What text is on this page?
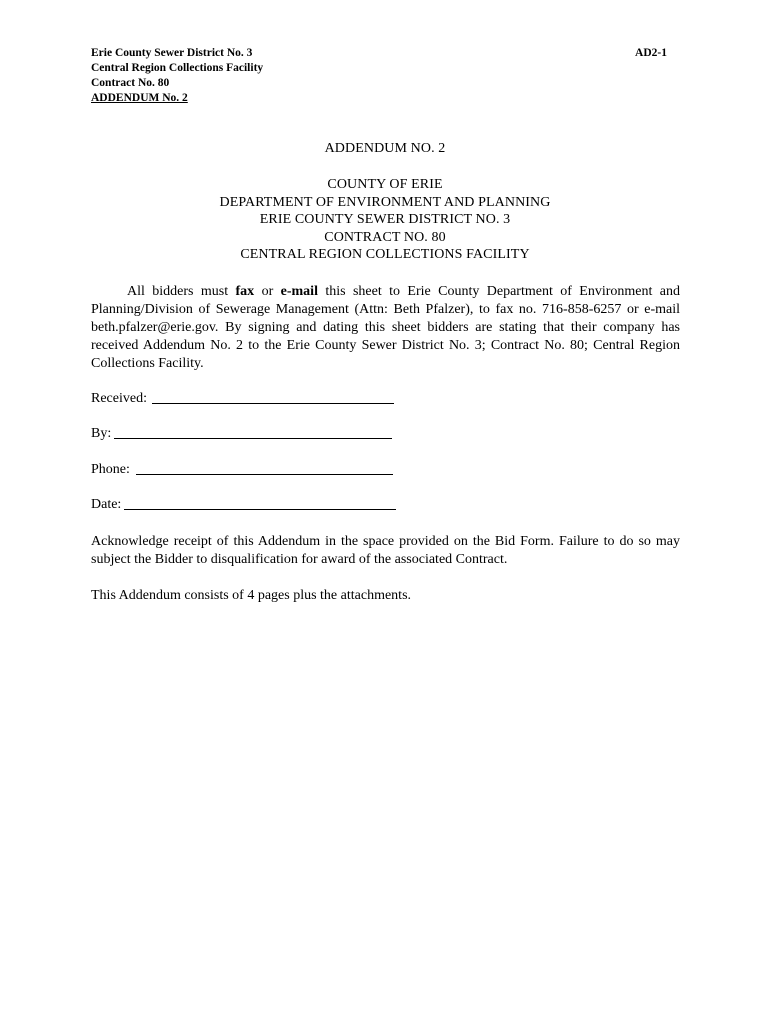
Erie County Sewer District No. 3
Central Region Collections Facility
Contract No. 80
ADDENDUM No. 2
AD2-1
ADDENDUM NO. 2
COUNTY OF ERIE
DEPARTMENT OF ENVIRONMENT AND PLANNING
ERIE COUNTY SEWER DISTRICT NO. 3
CONTRACT NO. 80
CENTRAL REGION COLLECTIONS FACILITY
All bidders must fax or e-mail this sheet to Erie County Department of Environment and Planning/Division of Sewerage Management (Attn: Beth Pfalzer), to fax no. 716-858-6257 or e-mail beth.pfalzer@erie.gov. By signing and dating this sheet bidders are stating that their company has received Addendum No. 2 to the Erie County Sewer District No. 3; Contract No. 80; Central Region Collections Facility.
Received:
By:
Phone:
Date:
Acknowledge receipt of this Addendum in the space provided on the Bid Form. Failure to do so may subject the Bidder to disqualification for award of the associated Contract.
This Addendum consists of 4 pages plus the attachments.
